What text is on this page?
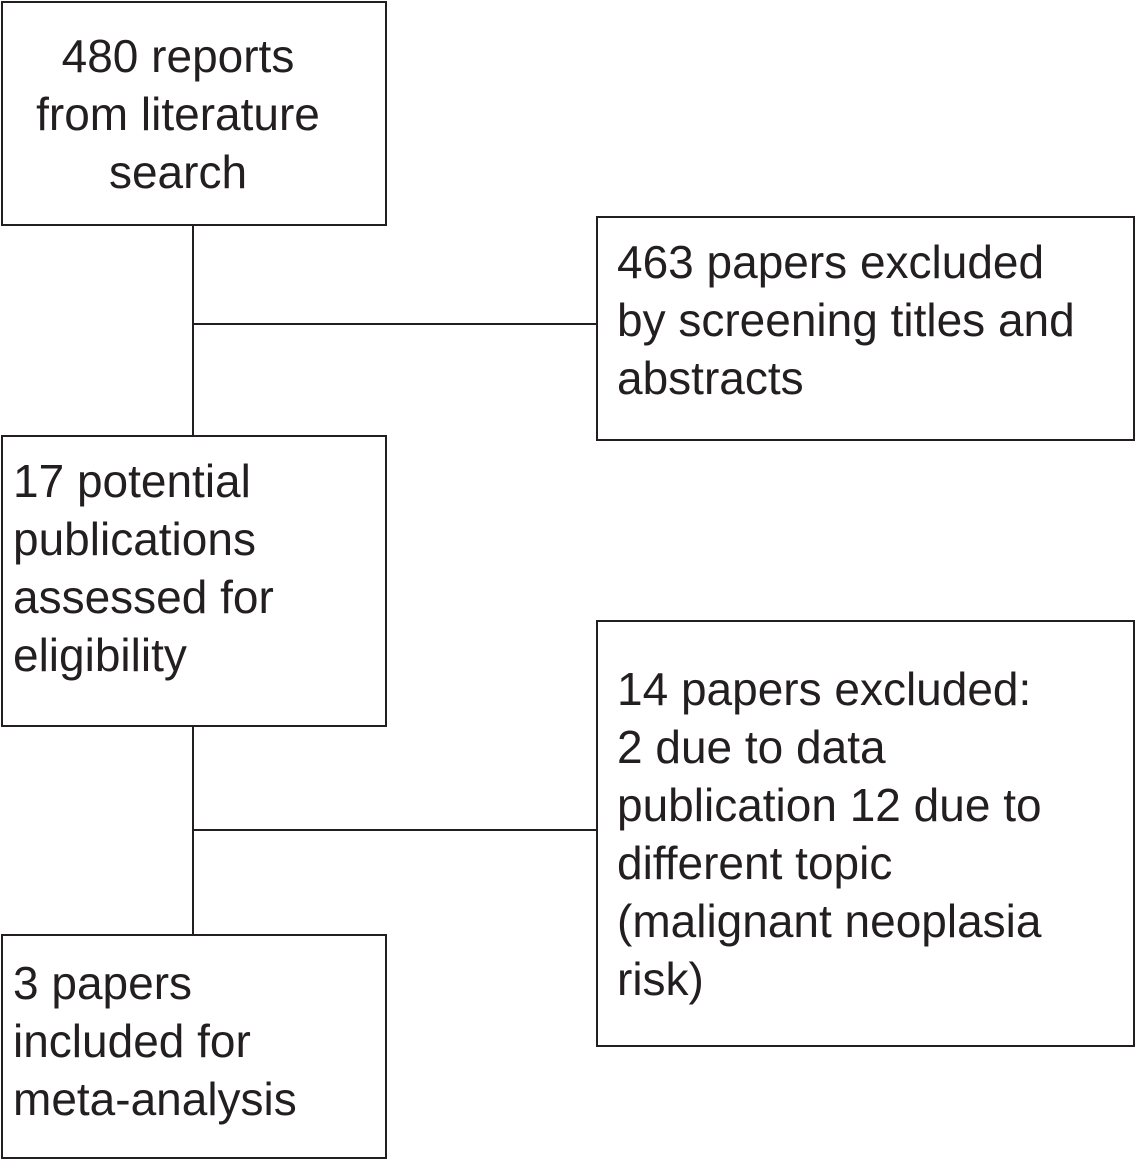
480 reports
from literature
search

463 papers excluded
by screening titles and
abstracts

17 potential
publications
assessed for
eligibility

14 papers excluded:
2 due to data
publication 12 due to
different topic
(malignant neoplasia
risk)

3 papers
included for
meta-analysis
